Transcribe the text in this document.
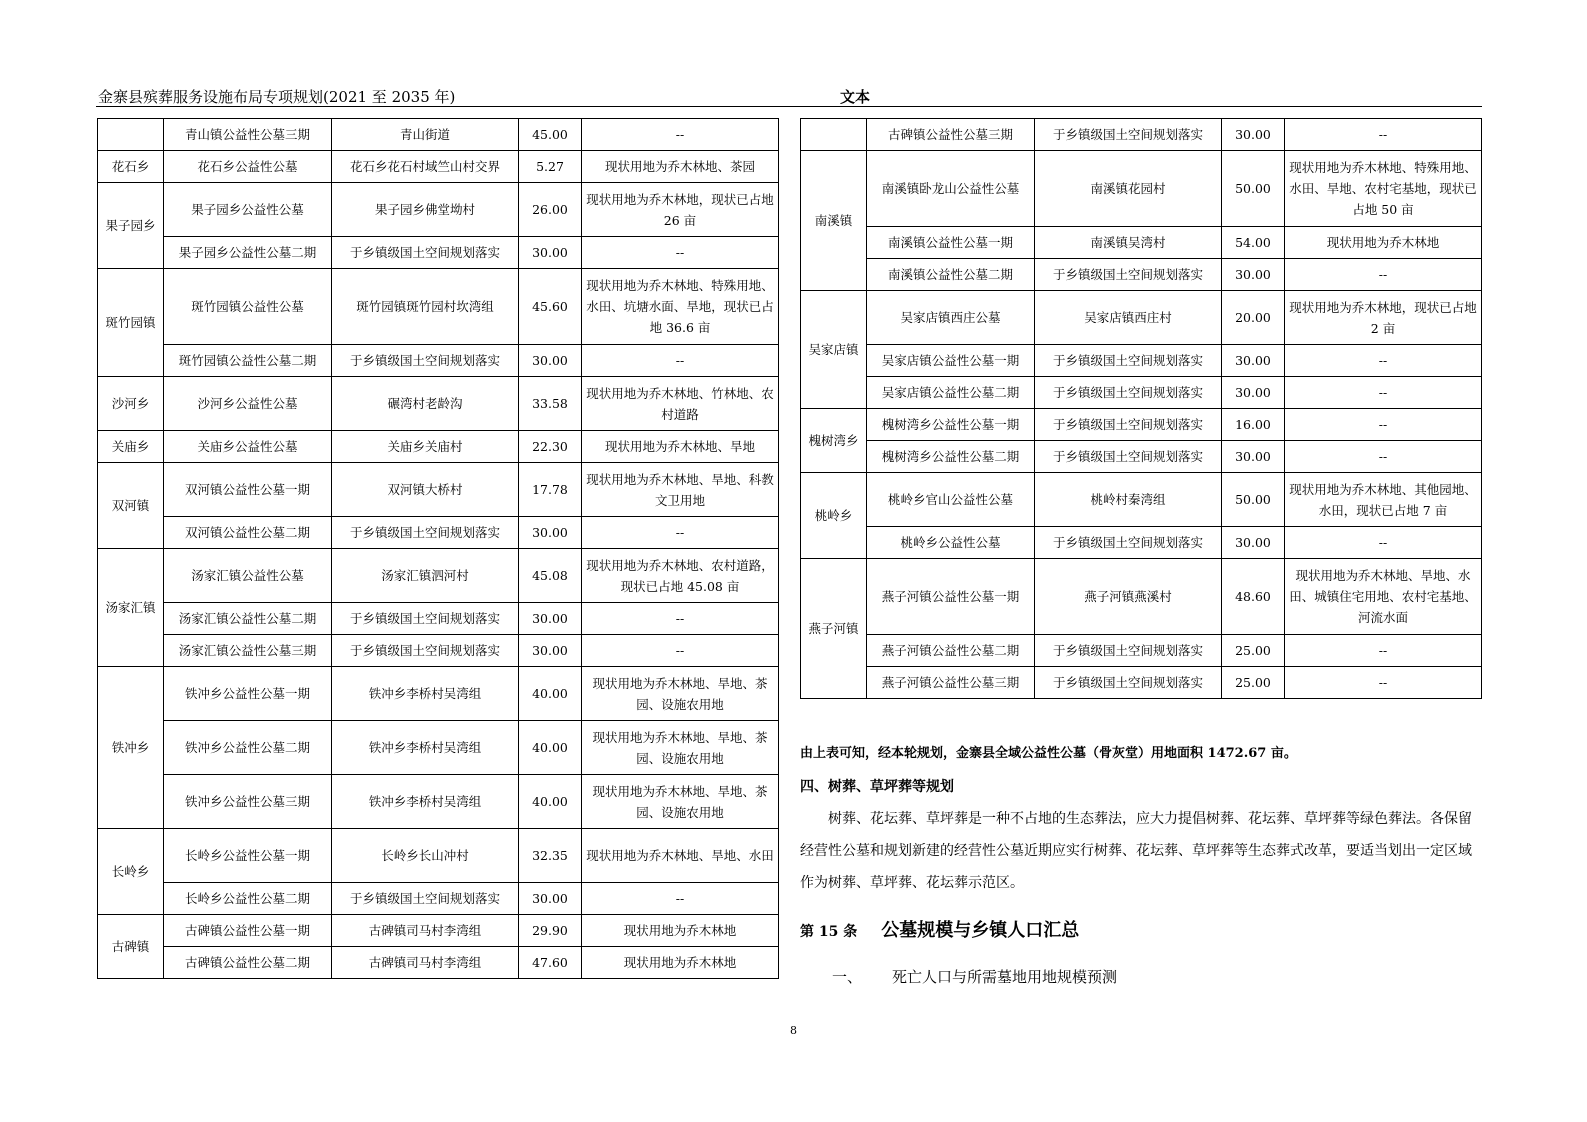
金寨县殡葬服务设施布局专项规划(2021 至 2035 年)	文本
	青山镇公益性公墓三期	青山街道	45.00	--
花石乡	花石乡公益性公墓	花石乡花石村域竺山村交界	5.27	现状用地为乔木林地、茶园
果子园乡	果子园乡公益性公墓	果子园乡佛堂坳村	26.00	现状用地为乔木林地，现状已占地 26 亩
	果子园乡公益性公墓二期	于乡镇级国土空间规划落实	30.00	--
斑竹园镇	斑竹园镇公益性公墓	斑竹园镇斑竹园村坎湾组	45.60	现状用地为乔木林地、特殊用地、水田、坑塘水面、旱地，现状已占地 36.6 亩
	斑竹园镇公益性公墓二期	于乡镇级国土空间规划落实	30.00	--
沙河乡	沙河乡公益性公墓	碾湾村老龄沟	33.58	现状用地为乔木林地、竹林地、农村道路
关庙乡	关庙乡公益性公墓	关庙乡关庙村	22.30	现状用地为乔木林地、旱地
双河镇	双河镇公益性公墓一期	双河镇大桥村	17.78	现状用地为乔木林地、旱地、科教文卫用地
	双河镇公益性公墓二期	于乡镇级国土空间规划落实	30.00	--
汤家汇镇	汤家汇镇公益性公墓	汤家汇镇泗河村	45.08	现状用地为乔木林地、农村道路，现状已占地 45.08 亩
	汤家汇镇公益性公墓二期	于乡镇级国土空间规划落实	30.00	--
	汤家汇镇公益性公墓三期	于乡镇级国土空间规划落实	30.00	--
铁冲乡	铁冲乡公益性公墓一期	铁冲乡李桥村吴湾组	40.00	现状用地为乔木林地、旱地、茶园、设施农用地
	铁冲乡公益性公墓二期	铁冲乡李桥村吴湾组	40.00	现状用地为乔木林地、旱地、茶园、设施农用地
	铁冲乡公益性公墓三期	铁冲乡李桥村吴湾组	40.00	现状用地为乔木林地、旱地、茶园、设施农用地
长岭乡	长岭乡公益性公墓一期	长岭乡长山冲村	32.35	现状用地为乔木林地、旱地、水田
	长岭乡公益性公墓二期	于乡镇级国土空间规划落实	30.00	--
古碑镇	古碑镇公益性公墓一期	古碑镇司马村李湾组	29.90	现状用地为乔木林地
	古碑镇公益性公墓二期	古碑镇司马村李湾组	47.60	现状用地为乔木林地
	古碑镇公益性公墓三期	于乡镇级国土空间规划落实	30.00	--
南溪镇	南溪镇卧龙山公益性公墓	南溪镇花园村	50.00	现状用地为乔木林地、特殊用地、水田、旱地、农村宅基地，现状已占地 50 亩
	南溪镇公益性公墓一期	南溪镇吴湾村	54.00	现状用地为乔木林地
	南溪镇公益性公墓二期	于乡镇级国土空间规划落实	30.00	--
吴家店镇	吴家店镇西庄公墓	吴家店镇西庄村	20.00	现状用地为乔木林地，现状已占地 2 亩
	吴家店镇公益性公墓一期	于乡镇级国土空间规划落实	30.00	--
	吴家店镇公益性公墓二期	于乡镇级国土空间规划落实	30.00	--
槐树湾乡	槐树湾乡公益性公墓一期	于乡镇级国土空间规划落实	16.00	--
	槐树湾乡公益性公墓二期	于乡镇级国土空间规划落实	30.00	--
桃岭乡	桃岭乡官山公益性公墓	桃岭村秦湾组	50.00	现状用地为乔木林地、其他园地、水田，现状已占地 7 亩
	桃岭乡公益性公墓	于乡镇级国土空间规划落实	30.00	--
燕子河镇	燕子河镇公益性公墓一期	燕子河镇燕溪村	48.60	现状用地为乔木林地、旱地、水田、城镇住宅用地、农村宅基地、河流水面
	燕子河镇公益性公墓二期	于乡镇级国土空间规划落实	25.00	--
	燕子河镇公益性公墓三期	于乡镇级国土空间规划落实	25.00	--
由上表可知，经本轮规划，金寨县全域公益性公墓（骨灰堂）用地面积 1472.67 亩。
四、树葬、草坪葬等规划
树葬、花坛葬、草坪葬是一种不占地的生态葬法，应大力提倡树葬、花坛葬、草坪葬等绿色葬法。各保留经营性公墓和规划新建的经营性公墓近期应实行树葬、花坛葬、草坪葬等生态葬式改革，要适当划出一定区域作为树葬、草坪葬、花坛葬示范区。
第 15 条 公墓规模与乡镇人口汇总
一、 死亡人口与所需墓地用地规模预测
8
